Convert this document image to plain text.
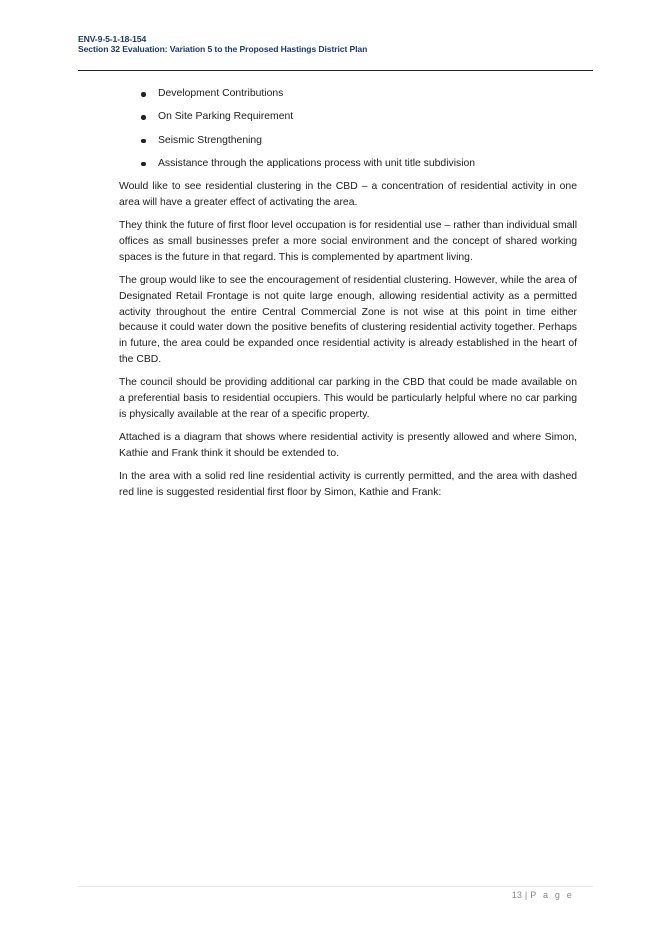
ENV-9-5-1-18-154
Section 32 Evaluation: Variation 5 to the Proposed Hastings District Plan
Development Contributions
On Site Parking Requirement
Seismic Strengthening
Assistance through the applications process with unit title subdivision

Would like to see residential clustering in the CBD – a concentration of residential activity in one area will have a greater effect of activating the area.

They think the future of first floor level occupation is for residential use – rather than individual small offices as small businesses prefer a more social environment and the concept of shared working spaces is the future in that regard. This is complemented by apartment living.

The group would like to see the encouragement of residential clustering. However, while the area of Designated Retail Frontage is not quite large enough, allowing residential activity as a permitted activity throughout the entire Central Commercial Zone is not wise at this point in time either because it could water down the positive benefits of clustering residential activity together. Perhaps in future, the area could be expanded once residential activity is already established in the heart of the CBD.

The council should be providing additional car parking in the CBD that could be made available on a preferential basis to residential occupiers. This would be particularly helpful where no car parking is physically available at the rear of a specific property.

Attached is a diagram that shows where residential activity is presently allowed and where Simon, Kathie and Frank think it should be extended to.

In the area with a solid red line residential activity is currently permitted, and the area with dashed red line is suggested residential first floor by Simon, Kathie and Frank:

13 | P a g e
